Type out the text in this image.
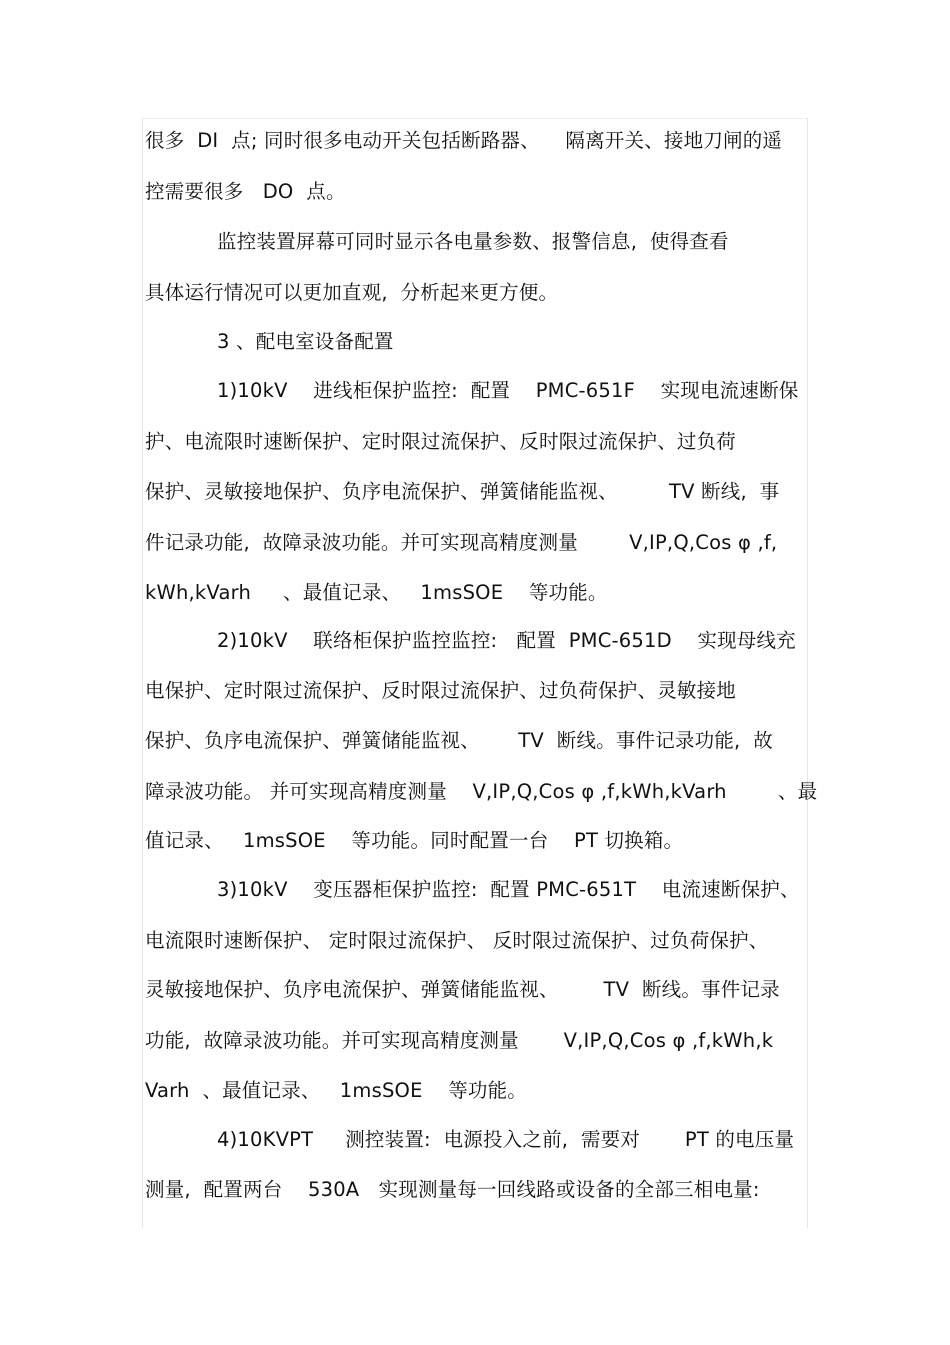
很多  DI  点; 同时很多电动开关包括断路器、    隔离开关、接地刀闸的遥
控需要很多   DO  点。
监控装置屏幕可同时显示各电量参数、报警信息,  使得查看
具体运行情况可以更加直观,  分析起来更方便。
3 、配电室设备配置
1)10kV    进线柜保护监控:  配置    PMC-651F    实现电流速断保
护、电流限时速断保护、定时限过流保护、反时限过流保护、过负荷
保护、灵敏接地保护、负序电流保护、弹簧储能监视、        TV 断线,  事
件记录功能,  故障录波功能。并可实现高精度测量        V,IP,Q,Cos φ ,f,
kWh,kVarh     、最值记录、   1msSOE    等功能。
2)10kV    联络柜保护监控监控:   配置  PMC-651D    实现母线充
电保护、定时限过流保护、反时限过流保护、过负荷保护、灵敏接地
保护、负序电流保护、弹簧储能监视、      TV  断线。事件记录功能,  故
障录波功能。 并可实现高精度测量    V,IP,Q,Cos φ ,f,kWh,kVarh        、最
值记录、   1msSOE    等功能。同时配置一台    PT 切换箱。
3)10kV    变压器柜保护监控:  配置 PMC-651T    电流速断保护、
电流限时速断保护、 定时限过流保护、 反时限过流保护、过负荷保护、
灵敏接地保护、负序电流保护、弹簧储能监视、       TV  断线。事件记录
功能,  故障录波功能。并可实现高精度测量       V,IP,Q,Cos φ ,f,kWh,k
Varh  、最值记录、   1msSOE    等功能。
4)10KVPT     测控装置:  电源投入之前,  需要对       PT 的电压量
测量,  配置两台    530A   实现测量每一回线路或设备的全部三相电量:
